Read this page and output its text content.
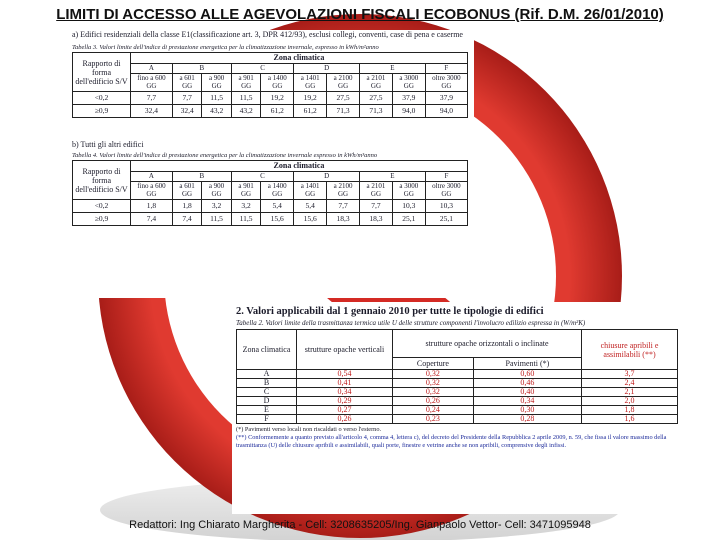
LIMITI DI ACCESSO ALLE AGEVOLAZIONI FISCALI ECOBONUS (Rif. D.M. 26/01/2010)
a) Edifici residenziali della classe E1(classificazione art. 3, DPR 412/93), esclusi collegi, conventi, case di pena e caserme
Tabella 3. Valori limite dell'indice di prestazione energetica per la climatizzazione invernale, espresso in kWh/m²anno
Rapporto di forma dell'edificio S/V	Zona climatica									
	A	B		C		D		E		F
	fino a 600 GG	a 601 GG	a 900 GG	a 901 GG	a 1400 GG	a 1401 GG	a 2100 GG	a 2101 GG	a 3000 GG	oltre 3000 GG
<0,2	7,7	7,7	11,5	11,5	19,2	19,2	27,5	27,5	37,9	37,9
≥0,9	32,4	32,4	43,2	43,2	61,2	61,2	71,3	71,3	94,0	94,0
b) Tutti gli altri edifici
Tabella 4. Valori limite dell'indice di prestazione energetica per la climatizzazione invernale espresso in kWh/m³anno
Rapporto di forma dell'edificio S/V	Zona climatica									
	A	B		C		D		E		F
	fino a 600 GG	a 601 GG	a 900 GG	a 901 GG	a 1400 GG	a 1401 GG	a 2100 GG	a 2101 GG	a 3000 GG	oltre 3000 GG
<0,2	1,8	1,8	3,2	3,2	5,4	5,4	7,7	7,7	10,3	10,3
≥0,9	7,4	7,4	11,5	11,5	15,6	15,6	18,3	18,3	25,1	25,1
2. Valori applicabili dal 1 gennaio 2010 per tutte le tipologie di edifici
Tabella 2. Valori limite della trasmittanza termica utile U delle strutture componenti l'involucro edilizio espressa in (W/m²K)
Zona climatica	strutture opache verticali	strutture opache orizzontali o inclinate		chiusure apribili e assimilabili (**)
		Coperture	Pavimenti (*)	
A	0,54	0,32	0,60	3,7
B	0,41	0,32	0,46	2,4
C	0,34	0,32	0,40	2,1
D	0,29	0,26	0,34	2,0
E	0,27	0,24	0,30	1,8
F	0,26	0,23	0,28	1,6
(*) Pavimenti verso locali non riscaldati o verso l'esterno.
(**) Conformemente a quanto previsto all'articolo 4, comma 4, lettera c), del decreto del Presidente della Repubblica 2 aprile 2009, n. 59, che fissa il valore massimo della trasmittanza (U) delle chiusure apribili e assimilabili, quali porte, finestre e vetrine anche se non apribili, comprensive degli infissi.
Redattori: Ing Chiarato Margherita - Cell: 3208635205/Ing. Gianpaolo Vettor- Cell: 3471095948
